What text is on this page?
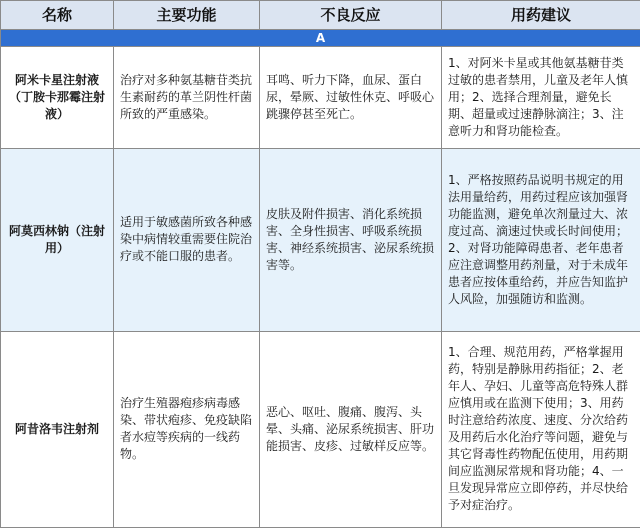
名称	主要功能	不良反应	用药建议
A			
阿米卡星注射液（丁胺卡那霉注射液）	治疗对多种氨基糖苷类抗生素耐药的革兰阴性杆菌所致的严重感染。	耳鸣、听力下降，血尿、蛋白尿，晕厥、过敏性休克、呼吸心跳骤停甚至死亡。	1、对阿米卡星或其他氨基糖苷类过敏的患者禁用，儿童及老年人慎用；2、选择合理剂量，避免长期、超量或过速静脉滴注；3、注意听力和肾功能检查。
阿莫西林钠（注射用）	适用于敏感菌所致各种感染中病情较重需要住院治疗或不能口服的患者。	皮肤及附件损害、消化系统损害、全身性损害、呼吸系统损害、神经系统损害、泌尿系统损害等。	1、严格按照药品说明书规定的用法用量给药，用药过程应该加强肾功能监测，避免单次剂量过大、浓度过高、滴速过快或长时间使用；2、对肾功能障碍患者、老年患者应注意调整用药剂量，对于未成年患者应按体重给药，并应告知监护人风险，加强随访和监测。
阿昔洛韦注射剂	治疗生殖器疱疹病毒感染、带状疱疹、免疫缺陷者水痘等疾病的一线药物。	恶心、呕吐、腹痛、腹泻、头晕、头痛、泌尿系统损害、肝功能损害、皮疹、过敏样反应等。	1、合理、规范用药，严格掌握用药，特别是静脉用药指征；2、老年人、孕妇、儿童等高危特殊人群应慎用或在监测下使用；3、用药时注意给药浓度、速度、分次给药及用药后水化治疗等问题，避免与其它肾毒性药物配伍使用，用药期间应监测尿常规和肾功能；4、一旦发现异常应立即停药，并尽快给予对症治疗。
